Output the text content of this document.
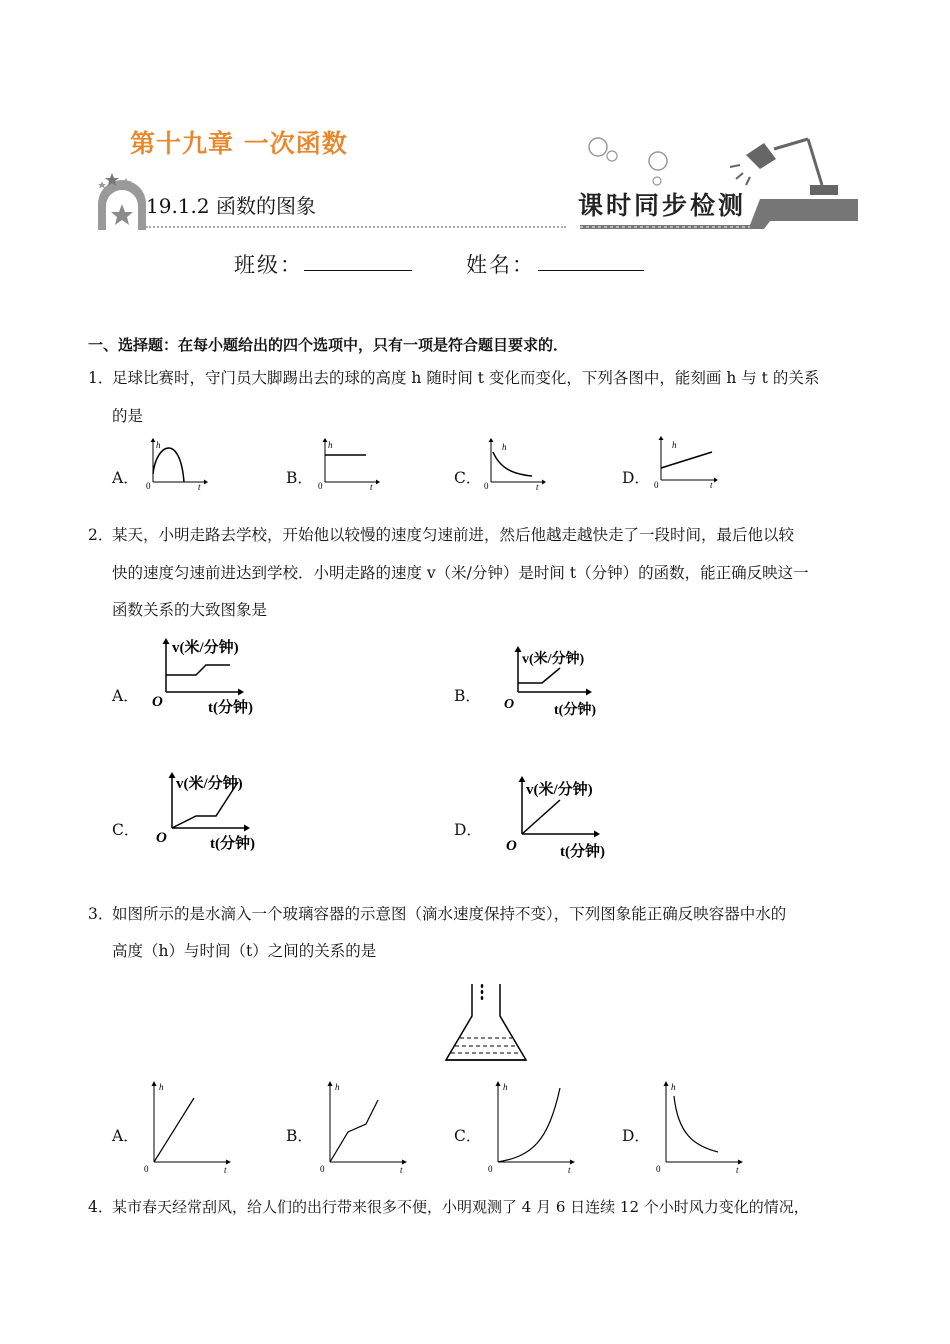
第十九章 一次函数
19.1.2 函数的图象	课时同步检测
班级：	姓名：
一、选择题：在每小题给出的四个选项中，只有一项是符合题目要求的．
1．
足球比赛时，守门员大脚踢出去的球的高度 h 随时间 t 变化而变化，下列各图中，能刻画 h 与 t 的关系
的是
A．
h
0	t	B．
h
0	t	C．
h
0	t	D．
h
0	t
2．
某天，小明走路去学校，开始他以较慢的速度匀速前进，然后他越走越快走了一段时间，最后他以较
快的速度匀速前进达到学校．小明走路的速度 v（米/分钟）是时间 t（分钟）的函数，能正确反映这一
函数关系的大致图象是
A．
v(米/分钟)
O	t(分钟)
B．
v(米/分钟)
O	t(分钟)
C．
v(米/分钟)
O	t(分钟)
D．
v(米/分钟)
O	t(分钟)
3．
如图所示的是水滴入一个玻璃容器的示意图（滴水速度保持不变），下列图象能正确反映容器中水的
高度（h）与时间（t）之间的关系的是
A．
h
0	t
B．
h
0	t
C．
h
0	t
D．
h
0	t
4．
某市春天经常刮风，给人们的出行带来很多不便，小明观测了 4 月 6 日连续 12 个小时风力变化的情况，
